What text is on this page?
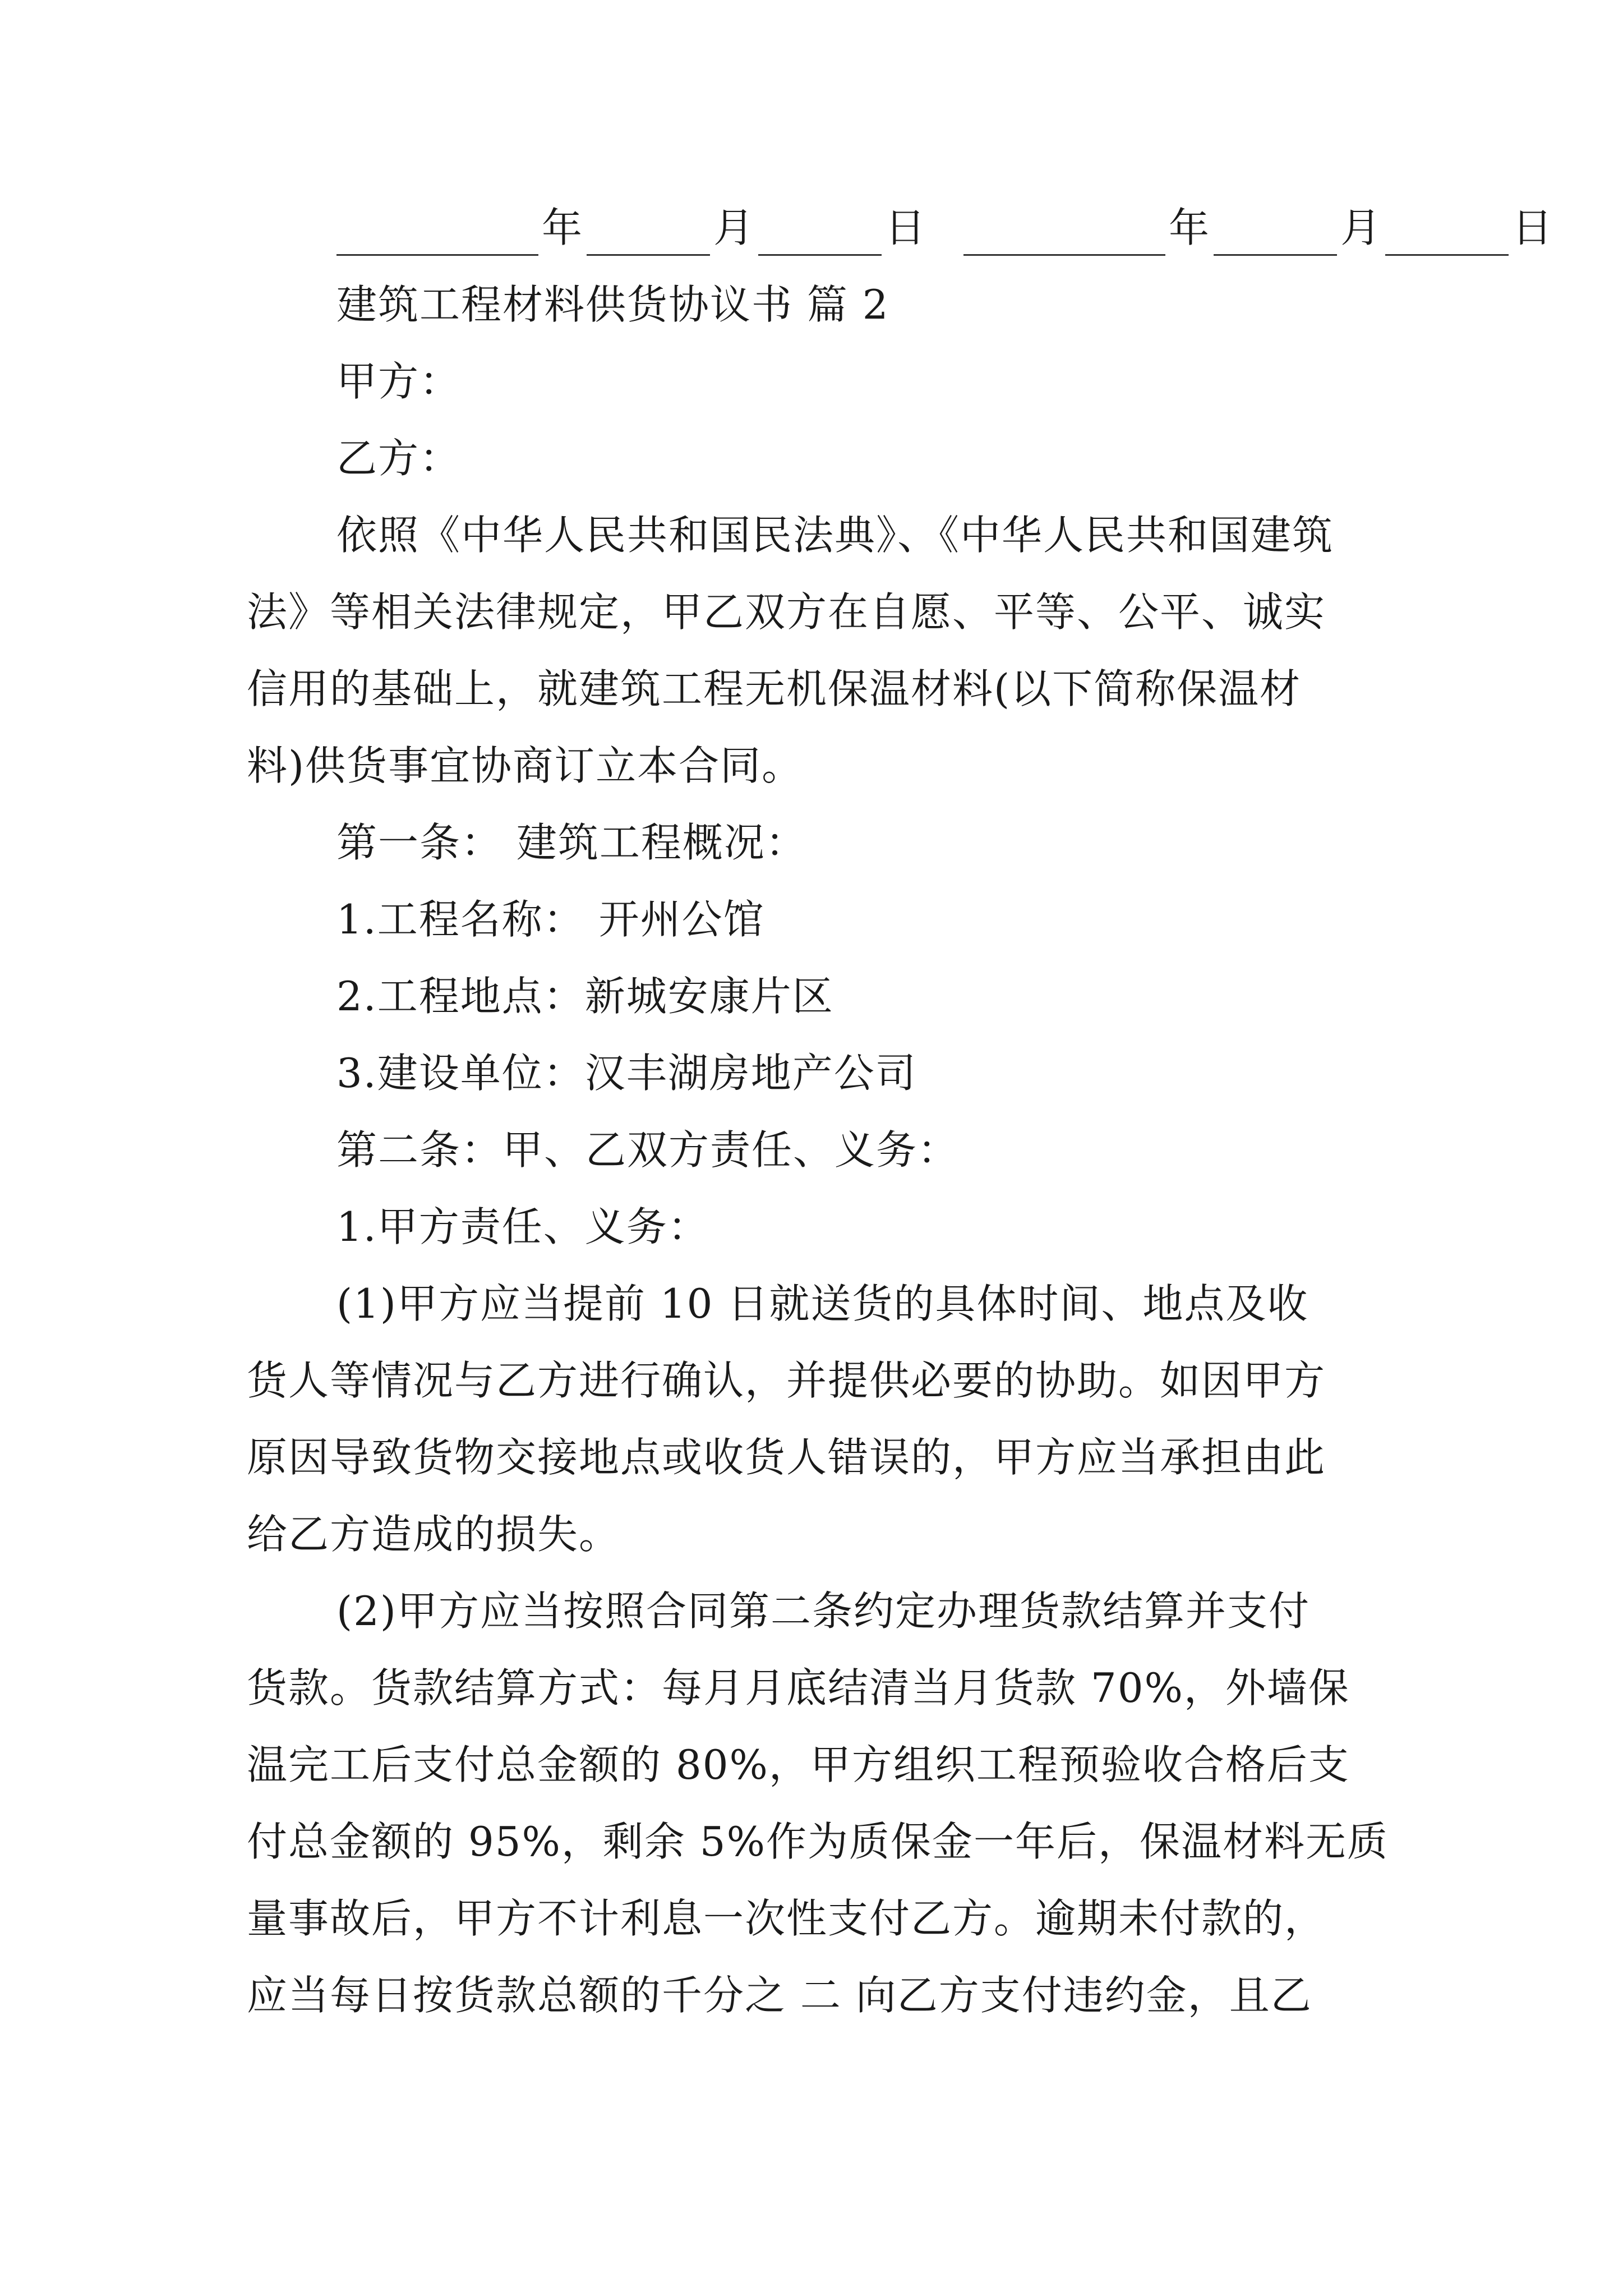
年	月	日	年	月	日
建筑工程材料供货协议书 篇 2
甲方：
乙方：
依照《中华人民共和国民法典》、《中华人民共和国建筑
法》等相关法律规定，甲乙双方在自愿、平等、公平、诚实
信用的基础上，就建筑工程无机保温材料(以下简称保温材
料)供货事宜协商订立本合同。
第一条： 建筑工程概况：
1.工程名称： 开州公馆
2.工程地点：新城安康片区
3.建设单位：汉丰湖房地产公司
第二条：甲、乙双方责任、义务：
1.甲方责任、义务：
(1)甲方应当提前 10 日就送货的具体时间、地点及收
货人等情况与乙方进行确认，并提供必要的协助。如因甲方
原因导致货物交接地点或收货人错误的，甲方应当承担由此
给乙方造成的损失。
(2)甲方应当按照合同第二条约定办理货款结算并支付
货款。货款结算方式：每月月底结清当月货款 70%，外墙保
温完工后支付总金额的 80%，甲方组织工程预验收合格后支
付总金额的 95%，剩余 5%作为质保金一年后，保温材料无质
量事故后，甲方不计利息一次性支付乙方。逾期未付款的，
应当每日按货款总额的千分之 二 向乙方支付违约金，且乙
